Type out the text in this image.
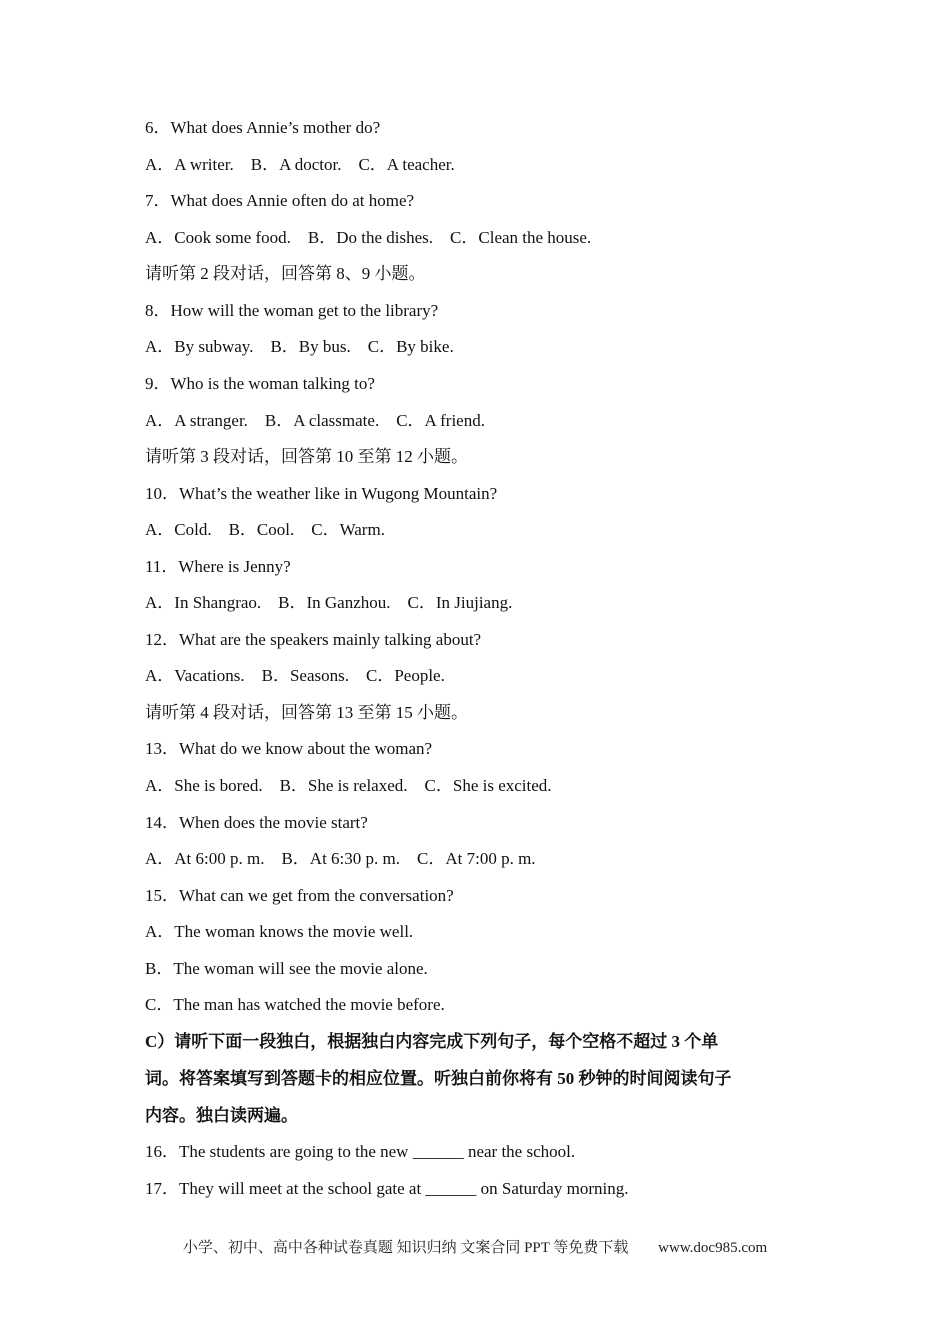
6．What does Annie’s mother do?
A．A writer.    B．A doctor.    C．A teacher.
7．What does Annie often do at home?
A．Cook some food.    B．Do the dishes.    C．Clean the house.
请听第 2 段对话，回答第 8、9 小题。
8．How will the woman get to the library?
A．By subway.    B．By bus.    C．By bike.
9．Who is the woman talking to?
A．A stranger.    B．A classmate.    C．A friend.
请听第 3 段对话，回答第 10 至第 12 小题。
10．What’s the weather like in Wugong Mountain?
A．Cold.    B．Cool.    C．Warm.
11．Where is Jenny?
A．In Shangrao.    B．In Ganzhou.    C．In Jiujiang.
12．What are the speakers mainly talking about?
A．Vacations.    B．Seasons.    C．People.
请听第 4 段对话，回答第 13 至第 15 小题。
13．What do we know about the woman?
A．She is bored.    B．She is relaxed.    C．She is excited.
14．When does the movie start?
A．At 6:00 p. m.    B．At 6:30 p. m.    C．At 7:00 p. m.
15．What can we get from the conversation?
A．The woman knows the movie well.
B．The woman will see the movie alone.
C．The man has watched the movie before.
C）请听下面一段独白，根据独白内容完成下列句子，每个空格不超过 3 个单
词。将答案填写到答题卡的相应位置。听独白前你将有 50 秒钟的时间阅读句子
内容。独白读两遍。
16．The students are going to the new ______ near the school.
17．They will meet at the school gate at ______ on Saturday morning.
小学、初中、高中各种试卷真题 知识归纳 文案合同 PPT 等免费下载 www.doc985.com
